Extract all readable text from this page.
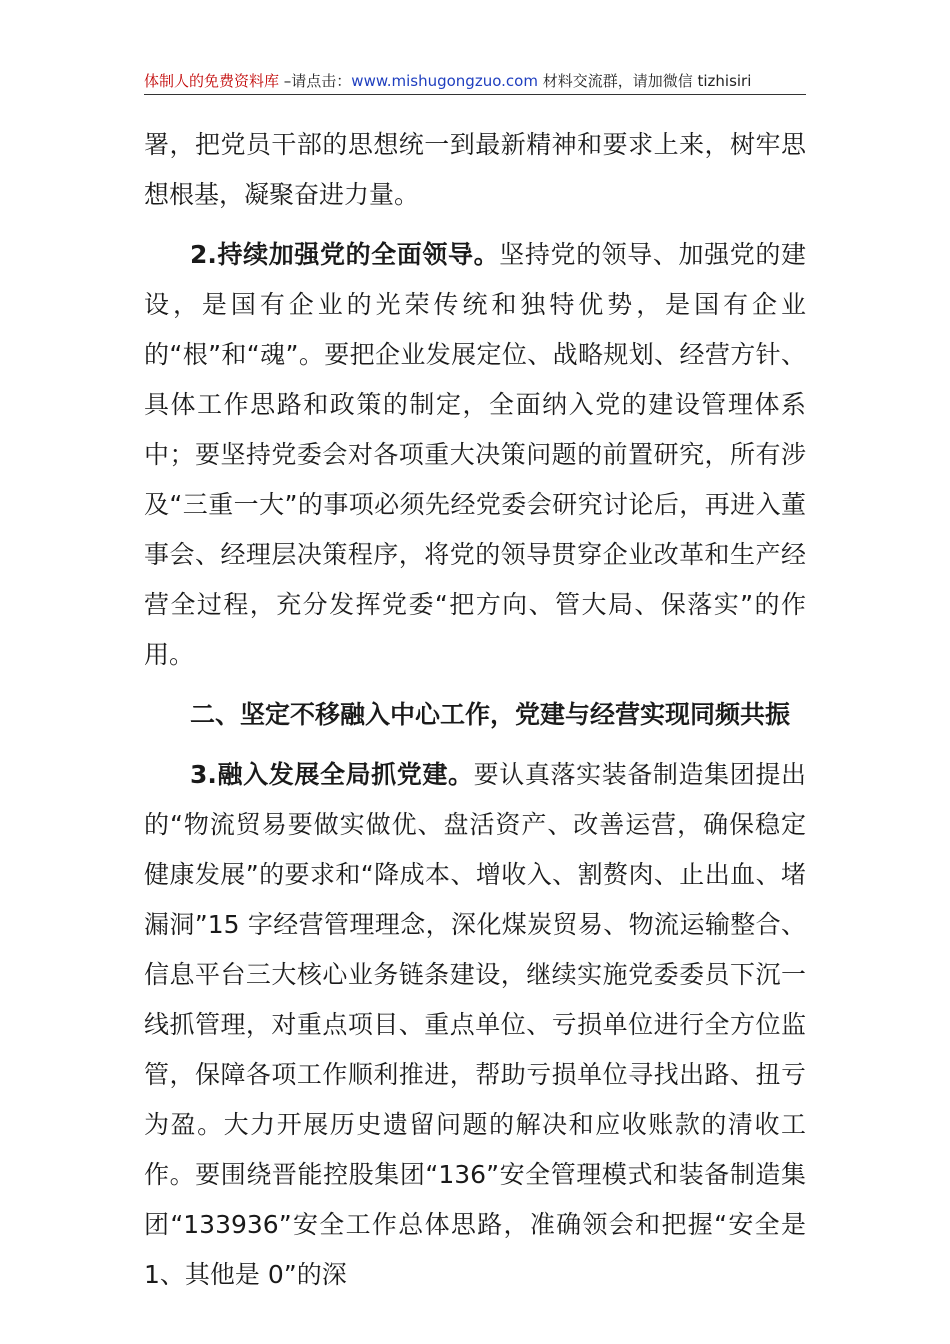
体制人的免费资料库 –请点击：www.mishugongzuo.com 材料交流群，请加微信 tizhisiri

署，把党员干部的思想统一到最新精神和要求上来，树牢思想根基，凝聚奋进力量。

2.持续加强党的全面领导。坚持党的领导、加强党的建设，是国有企业的光荣传统和独特优势，是国有企业的“根”和“魂”。要把企业发展定位、战略规划、经营方针、具体工作思路和政策的制定，全面纳入党的建设管理体系中；要坚持党委会对各项重大决策问题的前置研究，所有涉及“三重一大”的事项必须先经党委会研究讨论后，再进入董事会、经理层决策程序，将党的领导贯穿企业改革和生产经营全过程，充分发挥党委“把方向、管大局、保落实”的作用。

二、坚定不移融入中心工作，党建与经营实现同频共振

3.融入发展全局抓党建。要认真落实装备制造集团提出的“物流贸易要做实做优、盘活资产、改善运营，确保稳定健康发展”的要求和“降成本、增收入、割赘肉、止出血、堵漏洞”15 字经营管理理念，深化煤炭贸易、物流运输整合、信息平台三大核心业务链条建设，继续实施党委委员下沉一线抓管理，对重点项目、重点单位、亏损单位进行全方位监管，保障各项工作顺利推进，帮助亏损单位寻找出路、扭亏为盈。大力开展历史遗留问题的解决和应收账款的清收工作。要围绕晋能控股集团“136”安全管理模式和装备制造集团“133936”安全工作总体思路，准确领会和把握“安全是 1、其他是 0”的深
